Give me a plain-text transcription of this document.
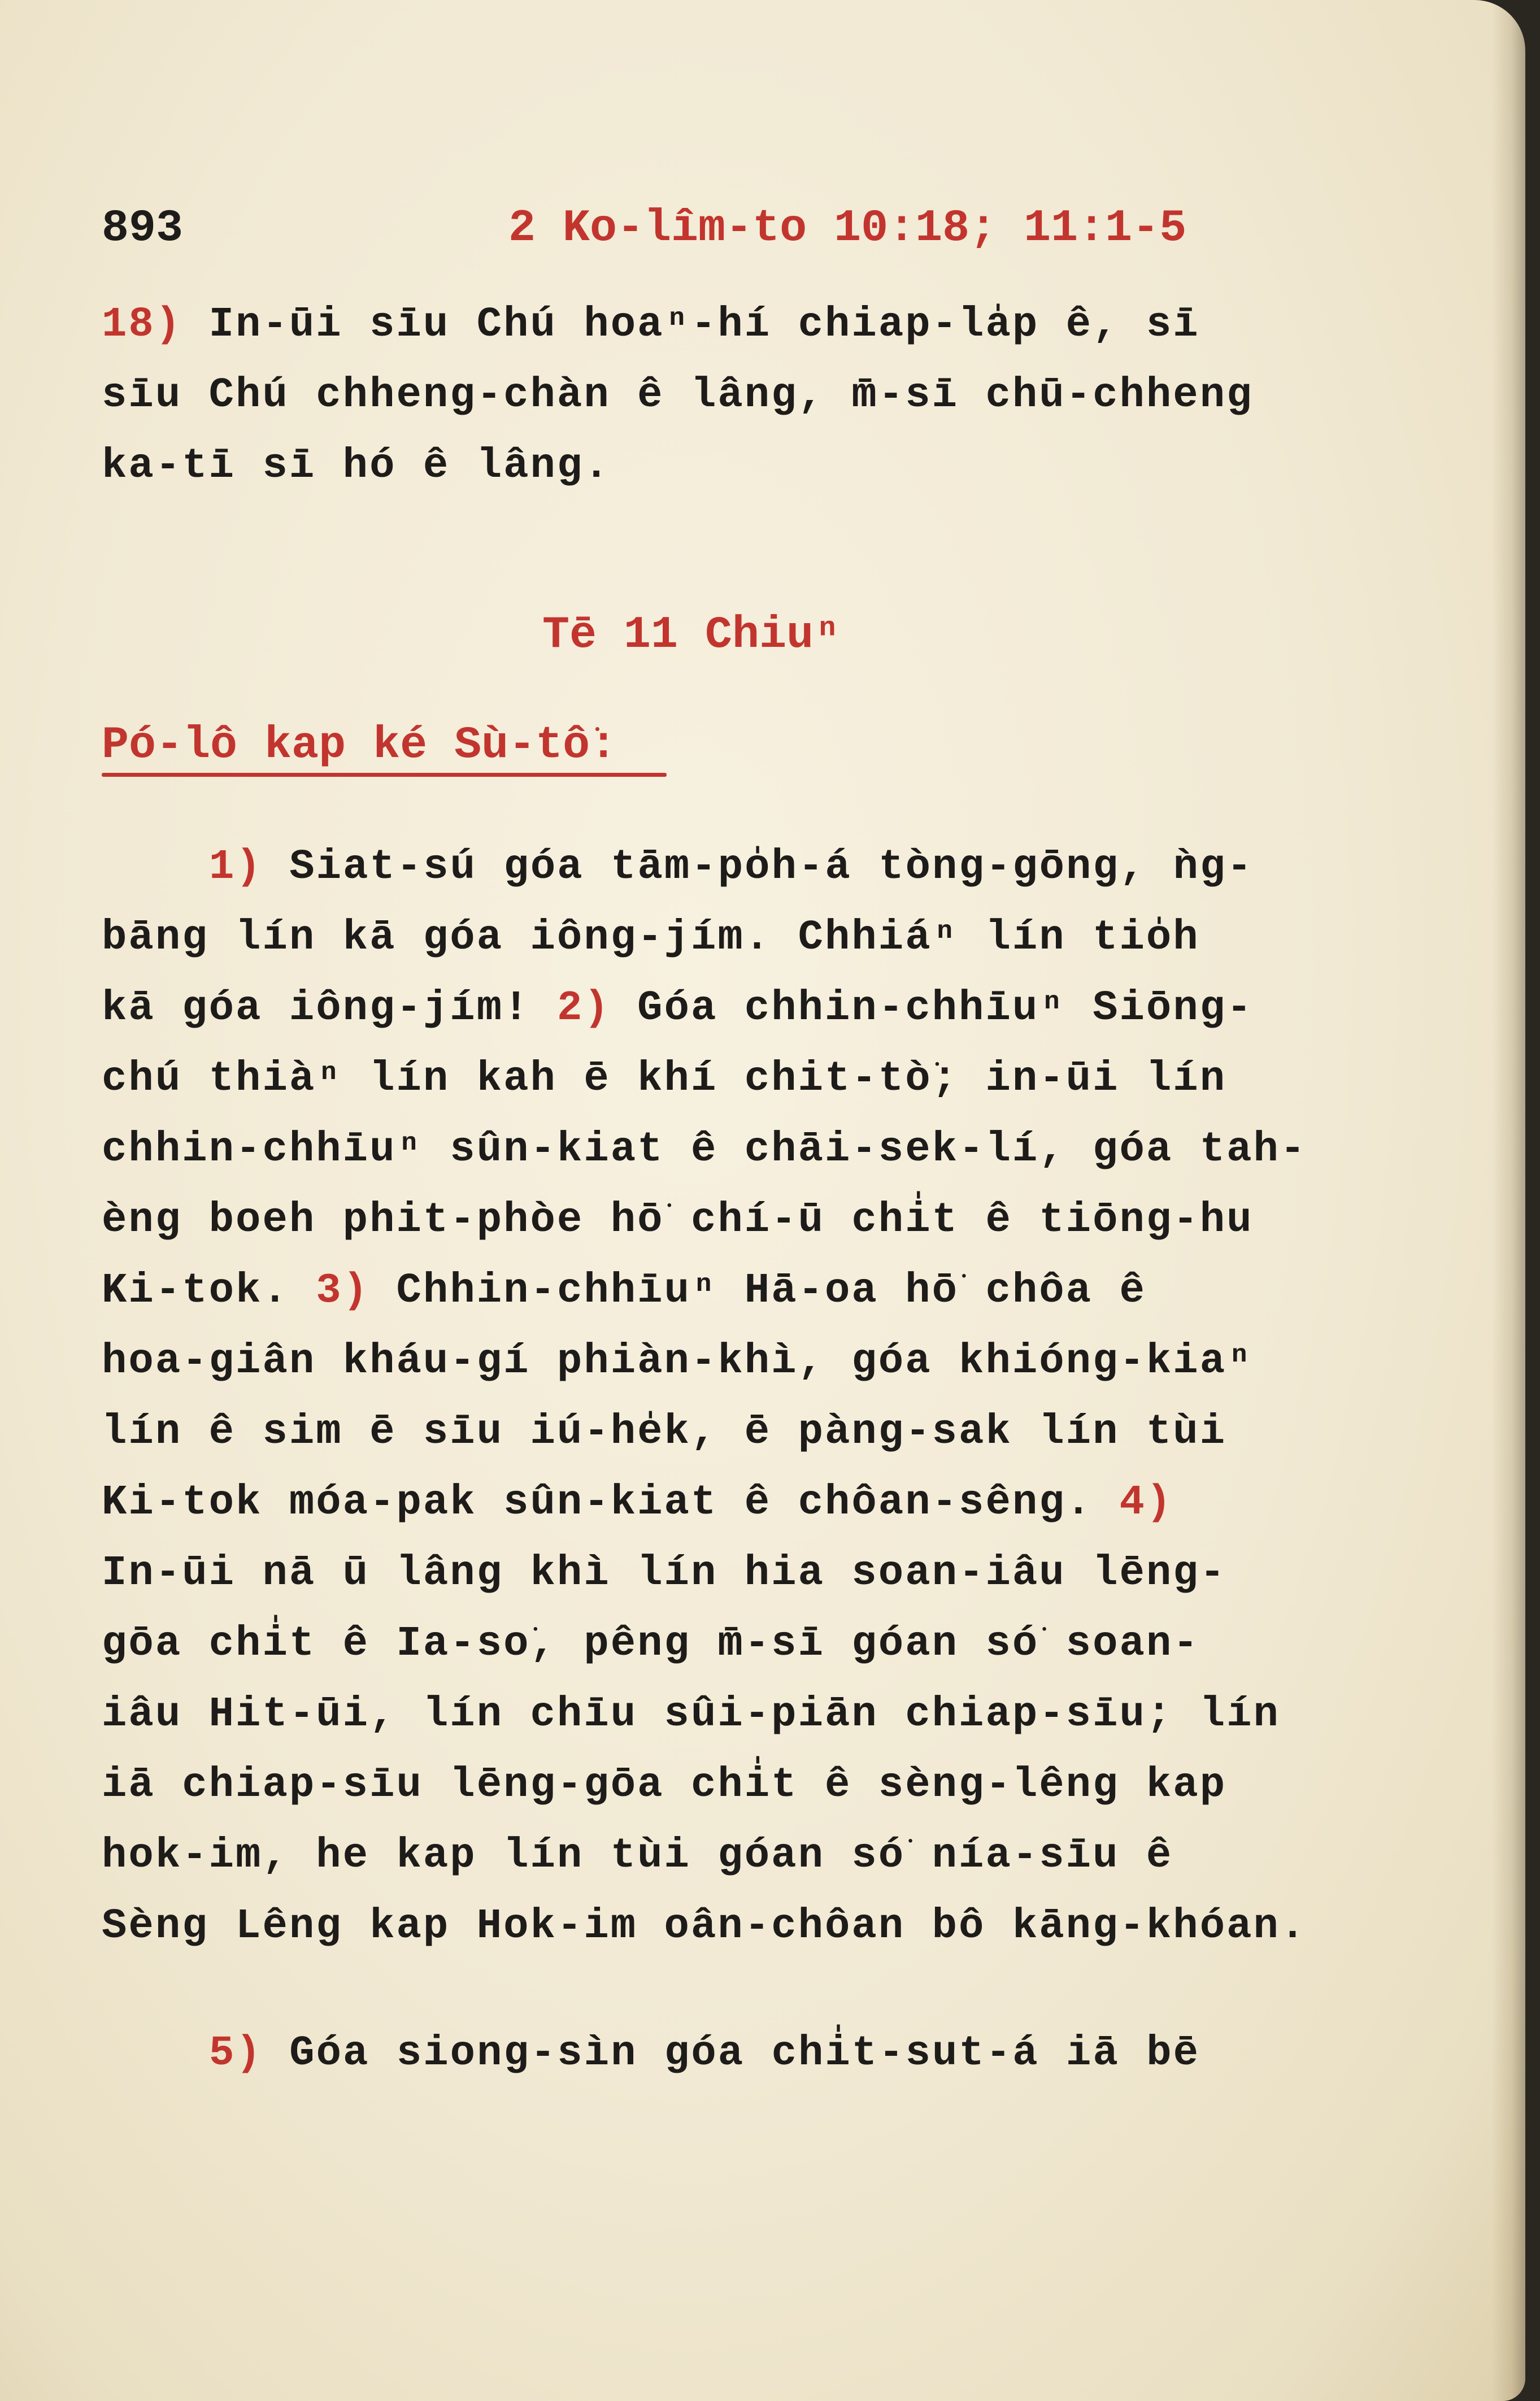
893	2 Ko-lîm-to 10:18; 11:1-5
18) In-ūi sīu Chú hoaⁿ-hí chiap-la̍p ê, sī
sīu Chú chheng-chàn ê lâng, m̄-sī chū-chheng
ka-tī sī hó ê lâng.
Tē 11 Chiuⁿ
Pó-lô kap ké Sù-tô͘:
1) Siat-sú góa tām-po̍h-á tòng-gōng, ǹg-
bāng lín kā góa iông-jím. Chhiáⁿ lín tio̍h
kā góa iông-jím! 2) Góa chhin-chhīuⁿ Siōng-
chú thiàⁿ lín kah ē khí chit-tò͘; in-ūi lín
chhin-chhīuⁿ sûn-kiat ê chāi-sek-lí, góa tah-
èng boeh phit-phòe hō͘ chí-ū chi̍t ê tiōng-hu
Ki-tok. 3) Chhin-chhīuⁿ Hā-oa hō͘ chôa ê
hoa-giân kháu-gí phiàn-khì, góa khióng-kiaⁿ
lín ê sim ē sīu iú-he̍k, ē pàng-sak lín tùi
Ki-tok móa-pak sûn-kiat ê chôan-sêng. 4)
In-ūi nā ū lâng khì lín hia soan-iâu lēng-
gōa chi̍t ê Ia-so͘, pêng m̄-sī góan só͘ soan-
iâu Hit-ūi, lín chīu sûi-piān chiap-sīu; lín
iā chiap-sīu lēng-gōa chi̍t ê sèng-lêng kap
hok-im, he kap lín tùi góan só͘ nía-sīu ê
Sèng Lêng kap Hok-im oân-chôan bô kāng-khóan.
5) Góa siong-sìn góa chi̍t-sut-á iā bē
